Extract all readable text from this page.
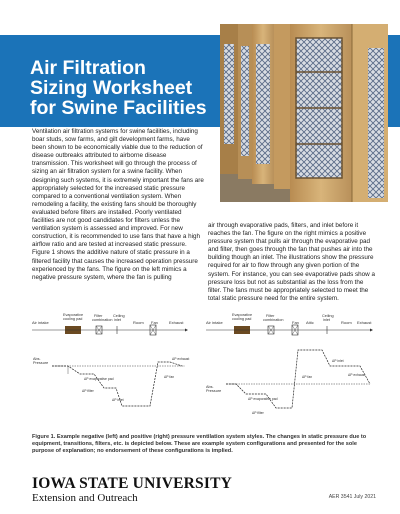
Air Filtration
Sizing Worksheet
for Swine Facilities

Ventilation air filtration systems for swine facilities, including boar studs, sow farms, and gilt development farms, have been shown to be economically viable due to the reduction of disease outbreaks attributed to airborne disease transmission. This worksheet will go through the process of sizing an air filtration system for a swine facility. When designing such systems, it is extremely important the fans are appropriately selected for the increased static pressure compared to a conventional ventilation system. When remodeling a facility, the existing fans should be thoroughly evaluated before filters are installed. Poorly ventilated facilities are not good candidates for filters unless the ventilation system is assessed and improved. For new construction, it is recommended to use fans that have a high airflow ratio and are tested at increased static pressure. Figure 1 shows the additive nature of static pressure in a filtered facility that causes the increased operation pressure experienced by the fans. The figure on the left mimics a negative pressure system, where the fan is pulling

air through evaporative pads, filters, and inlet before it reaches the fan. The figure on the right mimics a positive pressure system that pulls air through the evaporative pad and filter, then goes through the fan that pushes air into the building though an inlet. The illustrations show the pressure required for air to flow through any given portion of the system. For instance, you can see evaporative pads show a pressure loss but not as substantial as the loss from the filter. The fans must be appropriately selected to meet the total static pressure need for the entire system.

Air intake
Evaporative
cooling pad
Filter
combination
Ceiling
inlet	Room Fan	Exhaust
Abs.
Pressure
ΔP evaporative pad
ΔP filter
ΔP inlet
ΔP fan
ΔP exhaust
Air intake
Evaporative
cooling pad
Filter
combination Fan Attic
Ceiling
inlet	Room Exhaust
Abs.
Pressure
ΔP fan
ΔP evaporative pad
ΔP filter
ΔP inlet
ΔP exhaust

Figure 1. Example negative (left) and positive (right) pressure ventilation system styles. The changes in static pressure due to equipment, transitions, filters, etc. is depicted below. These are example system configurations and presented for the sole purpose of explanation; no endorsement of these configurations is implied.

IOWA STATE UNIVERSITY
Extension and Outreach	AER 3541 July 2021
